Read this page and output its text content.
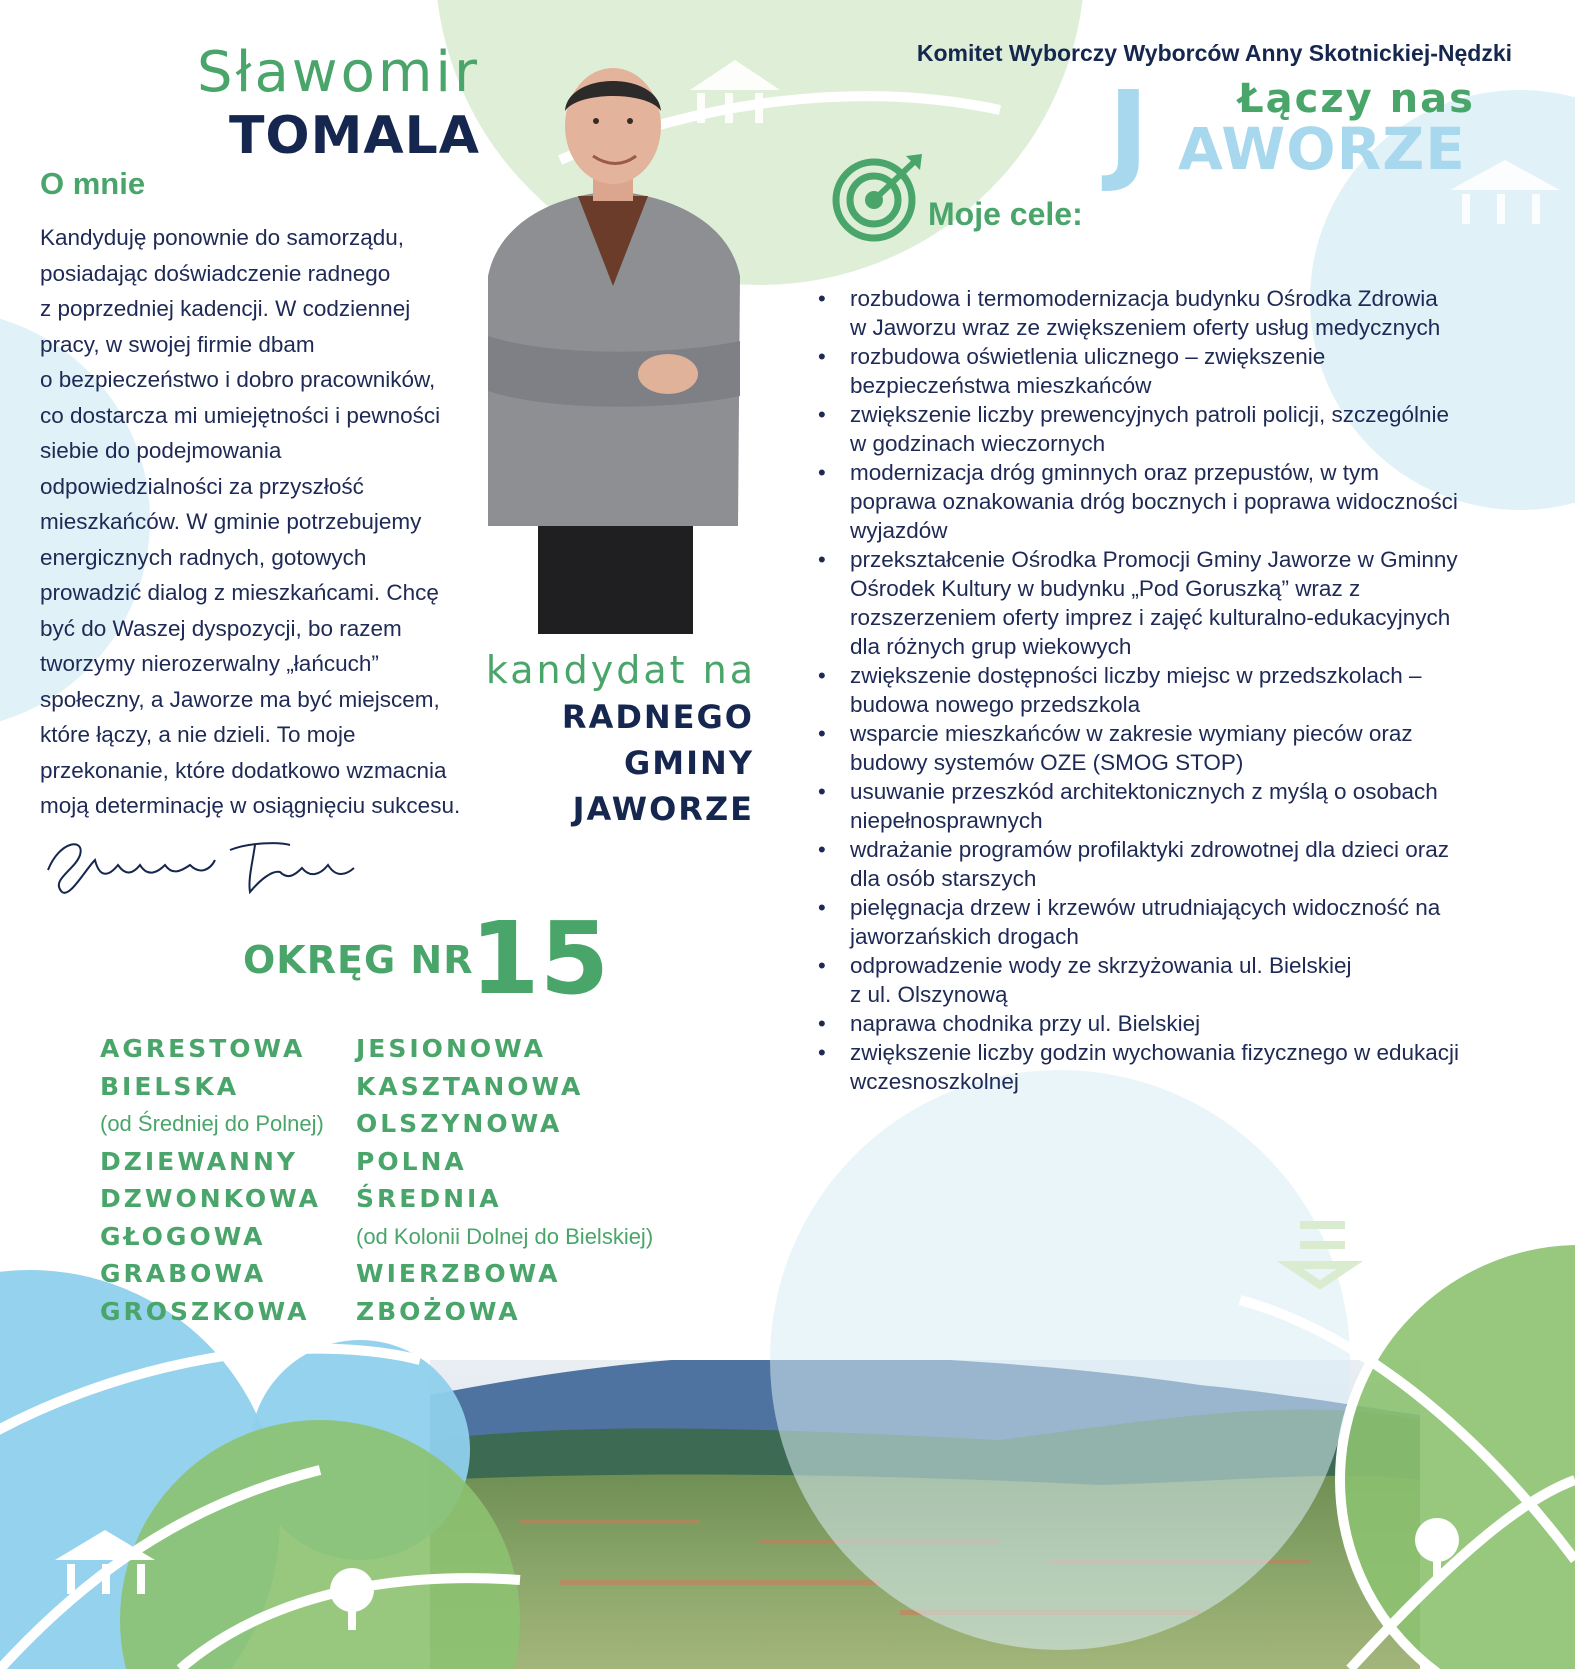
Sławomir
TOMALA
O mnie
Kandyduję ponownie do samorządu,
posiadając doświadczenie radnego
z poprzedniej kadencji. W codziennej
pracy, w swojej firmie dbam
o bezpieczeństwo i dobro pracowników,
co dostarcza mi umiejętności i pewności
siebie do podejmowania
odpowiedzialności za przyszłość
mieszkańców. W gminie potrzebujemy
energicznych radnych, gotowych
prowadzić dialog z mieszkańcami. Chcę
być do Waszej dyspozycji, bo razem
tworzymy nierozerwalny „łańcuch”
społeczny, a Jaworze ma być miejscem,
które łączy, a nie dzieli. To moje
przekonanie, które dodatkowo wzmacnia
moją determinację w osiągnięciu sukcesu.
kandydat na
RADNEGO
GMINY
JAWORZE
OKRĘG NR
15
AGRESTOWA
BIELSKA
(od Średniej do Polnej)
DZIEWANNY
DZWONKOWA
GŁOGOWA
GRABOWA
GROSZKOWA
JESIONOWA
KASZTANOWA
OLSZYNOWA
POLNA
ŚREDNIA
(od Kolonii Dolnej do Bielskiej)
WIERZBOWA
ZBOŻOWA
Komitet Wyborczy Wyborców Anny Skotnickiej-Nędzki
Łączy nas
J AWORZE
Moje cele:
• rozbudowa i termomodernizacja budynku Ośrodka Zdrowia
w Jaworzu wraz ze zwiększeniem oferty usług medycznych
• rozbudowa oświetlenia ulicznego – zwiększenie
bezpieczeństwa mieszkańców
• zwiększenie liczby prewencyjnych patroli policji, szczególnie
w godzinach wieczornych
• modernizacja dróg gminnych oraz przepustów, w tym
poprawa oznakowania dróg bocznych i poprawa widoczności
wyjazdów
• przekształcenie Ośrodka Promocji Gminy Jaworze w Gminny
Ośrodek Kultury w budynku „Pod Goruszką” wraz z
rozszerzeniem oferty imprez i zajęć kulturalno-edukacyjnych
dla różnych grup wiekowych
• zwiększenie dostępności liczby miejsc w przedszkolach –
budowa nowego przedszkola
• wsparcie mieszkańców w zakresie wymiany pieców oraz
budowy systemów OZE (SMOG STOP)
• usuwanie przeszkód architektonicznych z myślą o osobach
niepełnosprawnych
• wdrażanie programów profilaktyki zdrowotnej dla dzieci oraz
dla osób starszych
• pielęgnacja drzew i krzewów utrudniających widoczność na
jaworzańskich drogach
• odprowadzenie wody ze skrzyżowania ul. Bielskiej
z ul. Olszynową
• naprawa chodnika przy ul. Bielskiej
• zwiększenie liczby godzin wychowania fizycznego w edukacji
wczesnoszkolnej
